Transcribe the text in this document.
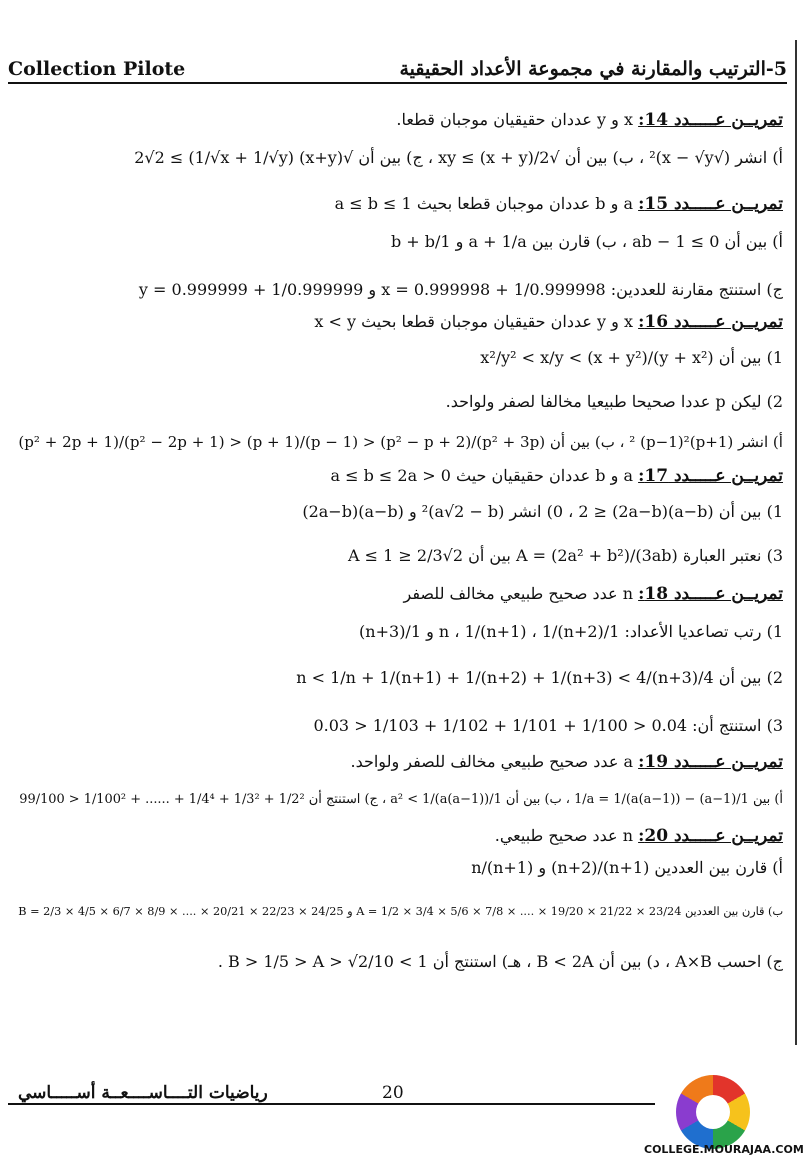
Collection Pilote	5-الترتيب والمقارنة في مجموعة الأعداد الحقيقية
تمريــن عـــــدد 14: x و y عددان حقيقيان موجبان قطعا.
أ) انشر (√x − √y)² ، ب) بين أن √xy ≤ (x + y)/2 ، ج) بين أن √(x+y) (1/√x + 1/√y) ≥ 2√2
تمريــن عـــــدد 15: a و b عددان موجبان قطعا بحيث a ≤ b ≤ 1
أ) بين أن ab − 1 ≤ 0 ، ب) قارن بين a + 1/a و 1/b + b
ج) استنتج مقارنة للعددين: x = 0.999998 + 1/0.999998 و y = 0.999999 + 1/0.999999
تمريــن عـــــدد 16: x و y عددان حقيقيان موجبان قطعا بحيث x < y
1) بين أن x²/y² < x/y < (x + y²)/(y + x²)
2) ليكن p عددا صحيحا طبيعيا مخالفا لصفر ولواحد.
أ) انشر (p+1)² (p−1)² ، ب) بين أن (p² + 3p)/(p² − p + 2) < (p − 1)/(p + 1) < (p² − 2p + 1)/(p² + 2p + 1)
تمريــن عـــــدد 17: a و b عددان حقيقيان حيث 0 < a ≤ b ≤ 2a
1) بين أن (a−b)(2a−b) ≤ 0 ، 2) انشر (a√2 − b)² و (a−b)(2a−b)
3) نعتبر العبارة A = (2a² + b²)/(3ab) بين أن 2√2/3 ≤ A ≤ 1
تمريــن عـــــدد 18: n عدد صحيح طبيعي مخالف للصفر
1) رتب تصاعديا الأعداد: 1/n ، 1/(n+1) ، 1/(n+2) و 1/(n+3)
2) بين أن 4/n < 1/n + 1/(n+1) + 1/(n+2) + 1/(n+3) < 4/(n+3)
3) استنتج أن: 0.04 < 1/100 + 1/101 + 1/102 + 1/103 < 0.03
تمريــن عـــــدد 19: a عدد صحيح طبيعي مخالف للصفر ولواحد.
أ) بين 1/(a−1) − 1/a = 1/(a(a−1)) ، ب) بين أن 1/a² < 1/(a(a−1)) ، ج) استنتج أن 1/2² + 1/3² + 1/4⁴ + ...... + 1/100² < 99/100
تمريــن عـــــدد 20: n عدد صحيح طبيعي.
أ) قارن بين العددين (n+1)/(n+2) و n/(n+1)
ب) قارن بين العددين A = 1/2 × 3/4 × 5/6 × 7/8 × .... × 19/20 × 21/22 × 23/24 و B = 2/3 × 4/5 × 6/7 × 8/9 × .... × 20/21 × 22/23 × 24/25
ج) احسب A×B ، د) بين أن B < 2A ، هـ) استنتج أن 1 > B > 1/5 > A > √2/10 .
رياضيات التــــاســــعــة أســـــاسي	20
COLLEGE.MOURAJAA.COM
